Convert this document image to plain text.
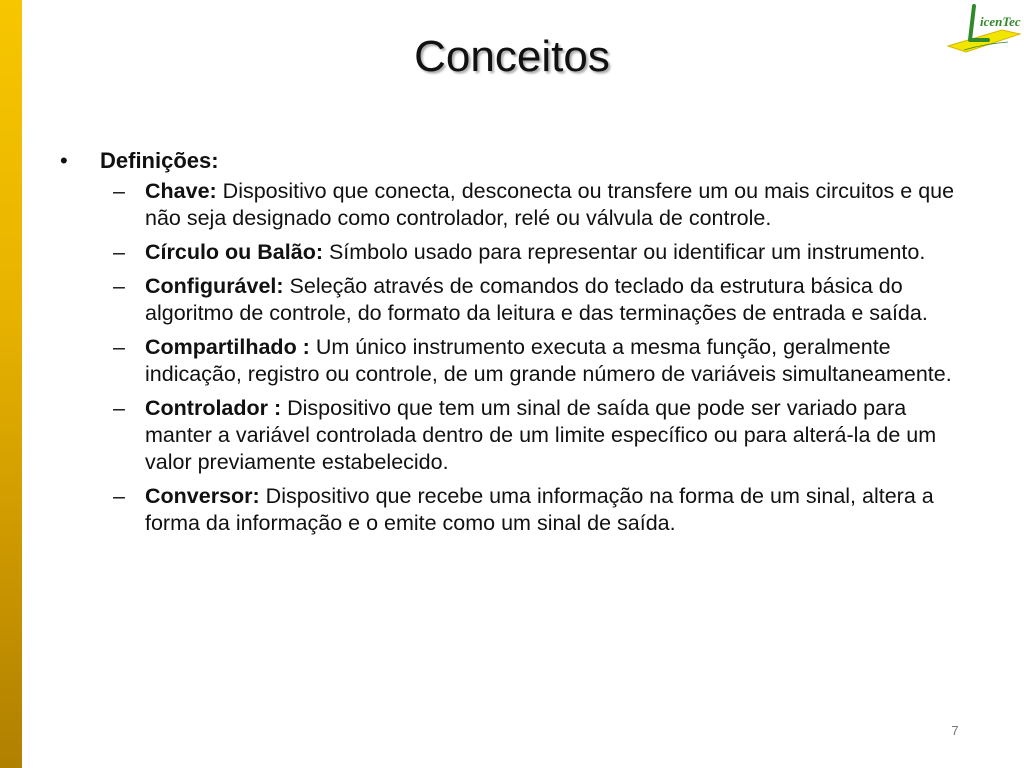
Conceitos
icenTec
• Definições:
– Chave: Dispositivo que conecta, desconecta ou transfere um ou mais circuitos e que não seja designado como controlador, relé ou válvula de controle.
– Círculo ou Balão: Símbolo usado para representar ou identificar um instrumento.
– Configurável: Seleção através de comandos do teclado da estrutura básica do algoritmo de controle, do formato da leitura e das terminações de entrada e saída.
– Compartilhado : Um único instrumento executa a mesma função, geralmente indicação, registro ou controle, de um grande número de variáveis simultaneamente.
– Controlador : Dispositivo que tem um sinal de saída que pode ser variado para manter a variável controlada dentro de um limite específico ou para alterá-la de um valor previamente estabelecido.
– Conversor: Dispositivo que recebe uma informação na forma de um sinal, altera a forma da informação e o emite como um sinal de saída.
7
